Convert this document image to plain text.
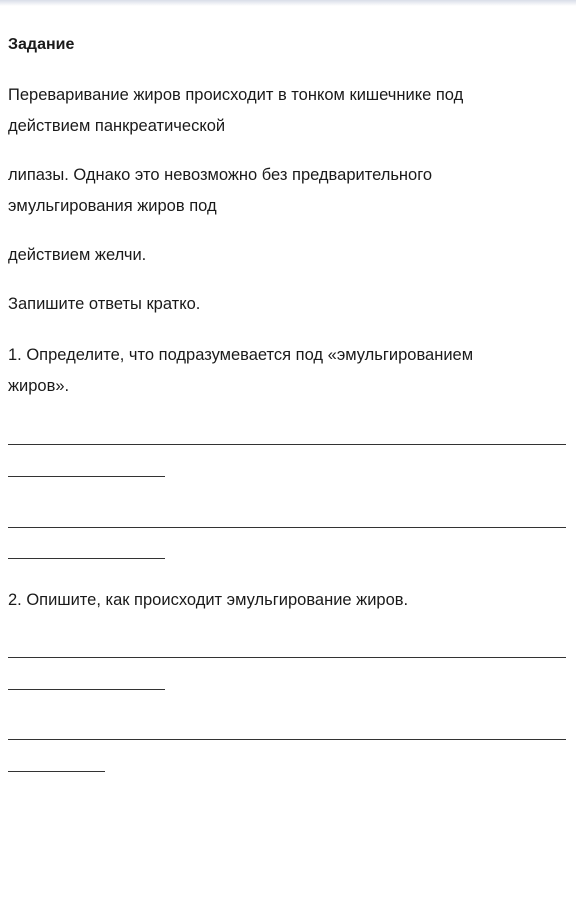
Задание
Переваривание жиров происходит в тонком кишечнике под
действием панкреатической
липазы. Однако это невозможно без предварительного
эмульгирования жиров под
действием желчи.
Запишите ответы кратко.
1. Определите, что подразумевается под «эмульгированием
жиров».
2. Опишите, как происходит эмульгирование жиров.
